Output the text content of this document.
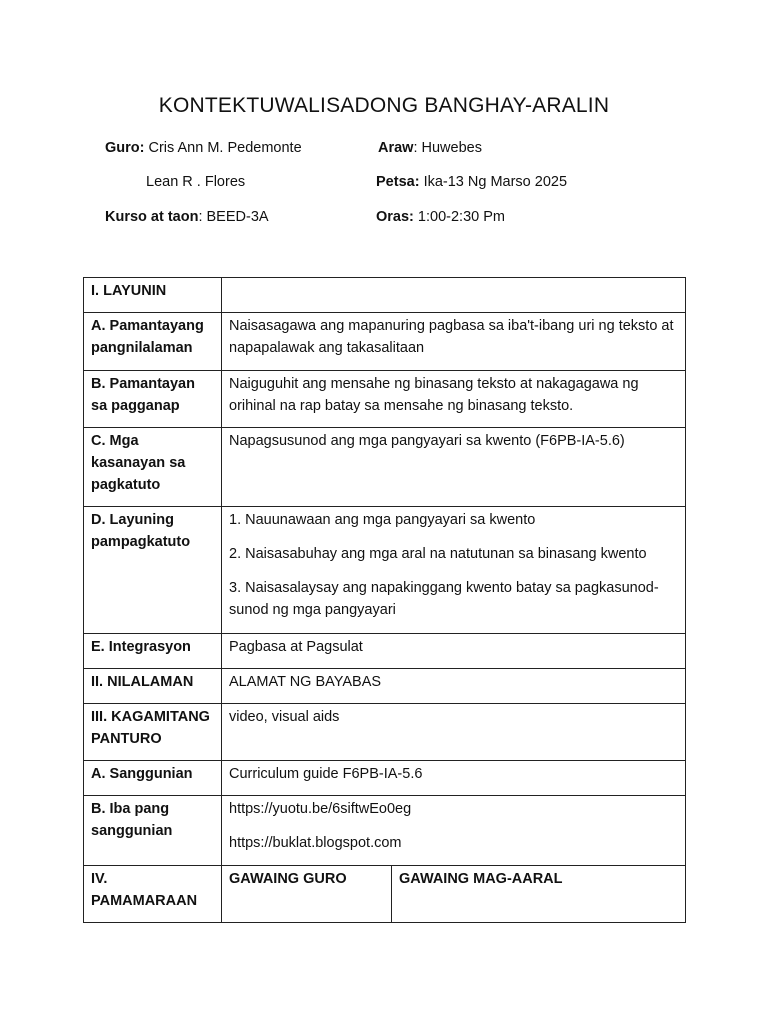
KONTEKTUWALISADONG BANGHAY-ARALIN
Guro: Cris Ann M. Pedemonte
Lean R . Flores
Kurso at taon: BEED-3A
Araw: Huwebes
Petsa: Ika-13 Ng Marso 2025
Oras: 1:00-2:30 Pm
I. LAYUNIN		
A. Pamantayang pangnilalaman	Naisasagawa ang mapanuring pagbasa sa iba't-ibang uri ng teksto at napapalawak ang takasalitaan	
B. Pamantayan sa pagganap	Naiguguhit ang mensahe ng binasang teksto at nakagagawa ng orihinal na rap batay sa mensahe ng binasang teksto.	
C. Mga kasanayan sa pagkatuto	Napagsusunod ang mga pangyayari sa kwento (F6PB-IA-5.6)	
D. Layuning pampagkatuto	1. Nauunawaan ang mga pangyayari sa kwento

2. Naisasabuhay ang mga aral na natutunan sa binasang kwento

3. Naisasalaysay ang napakinggang kwento batay sa pagkasunod-sunod ng mga pangyayari	

E. Integrasyon	Pagbasa at Pagsulat	
II. NILALAMAN	ALAMAT NG BAYABAS	
III. KAGAMITANG PANTURO	video, visual aids	
A. Sanggunian	Curriculum guide F6PB-IA-5.6	
B. Iba pang sanggunian	https://yuotu.be/6siftwEo0eg

https://buklat.blogspot.com	

IV. PAMAMARAAN	GAWAING GURO	GAWAING MAG-AARAL
